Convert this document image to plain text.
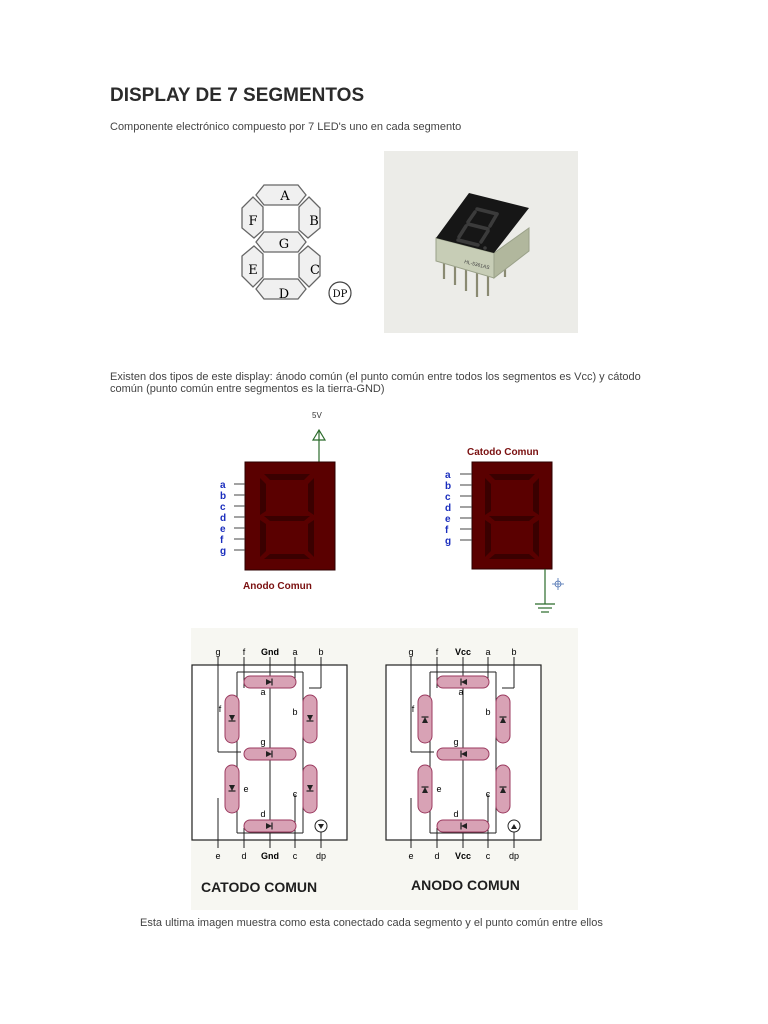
DISPLAY DE 7 SEGMENTOS
Componente electrónico compuesto por 7 LED's uno en cada segmento
A
F	B
G
E	C
D	DP
HL-5361AS
Existen dos tipos de este display: ánodo común (el punto común entre todos los segmentos es Vcc) y cátodo común (punto común entre segmentos es la tierra-GND)
5V
a
b
c
d
e
f
g
Anodo Comun
Catodo Comun
a
b
c
d
e
f
g
g f Gnd a b
e d Gnd c dp
a
f	b
g
e	c
d
CATODO COMUN
g f Vcc a b
e d Vcc c dp
a
f	b
g
e	c
d
ANODO COMUN
Esta ultima imagen muestra como esta conectado cada segmento y el punto común entre ellos
